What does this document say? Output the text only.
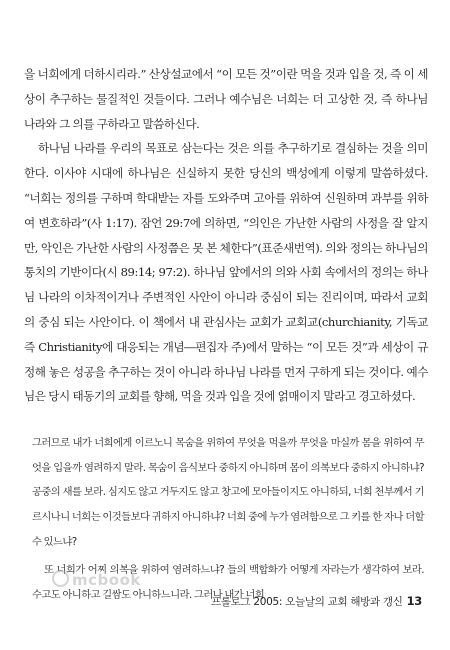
을 너희에게 더하시리라.” 산상설교에서 “이 모든 것”이란 먹을 것과 입을 것, 즉 이 세상이 추구하는 물질적인 것들이다. 그러나 예수님은 너희는 더 고상한 것, 즉 하나님 나라와 그 의를 구하라고 말씀하신다.

하나님 나라를 우리의 목표로 삼는다는 것은 의를 추구하기로 결심하는 것을 의미한다. 이사야 시대에 하나님은 신실하지 못한 당신의 백성에게 이렇게 말씀하셨다. “너희는 정의를 구하며 학대받는 자를 도와주며 고아를 위하여 신원하며 과부를 위하여 변호하라”(사 1:17). 잠언 29:7에 의하면, “의인은 가난한 사람의 사정을 잘 알지만, 악인은 가난한 사람의 사정쯤은 못 본 체한다”(표준새번역). 의와 정의는 하나님의 통치의 기반이다(시 89:14; 97:2). 하나님 앞에서의 의와 사회 속에서의 정의는 하나님 나라의 이차적이거나 주변적인 사안이 아니라 중심이 되는 진리이며, 따라서 교회의 중심 되는 사안이다. 이 책에서 내 관심사는 교회가 교회교(churchianity, 기독교 즉 Christianity에 대응되는 개념―편집자 주)에서 말하는 “이 모든 것”과 세상이 규정해 놓은 성공을 추구하는 것이 아니라 하나님 나라를 먼저 구하게 되는 것이다. 예수님은 당시 태동기의 교회를 향해, 먹을 것과 입을 것에 얽매이지 말라고 경고하셨다.

그러므로 내가 너희에게 이르노니 목숨을 위하여 무엇을 먹을까 무엇을 마실까 몸을 위하여 무엇을 입을까 염려하지 말라. 목숨이 음식보다 중하지 아니하며 몸이 의복보다 중하지 아니하냐? 공중의 새를 보라. 심지도 않고 거두지도 않고 창고에 모아들이지도 아니하되, 너희 천부께서 기르시나니 너희는 이것들보다 귀하지 아니하냐? 너희 중에 누가 염려함으로 그 키를 한 자나 더할 수 있느냐?

또 너희가 어찌 의복을 위하여 염려하느냐? 들의 백합화가 어떻게 자라는가 생각하여 보라. 수고도 아니하고 길쌈도 아니하느니라. 그러나 내가 너희

mcbook
프롤로그 2005: 오늘날의 교회 해방과 갱신 13
